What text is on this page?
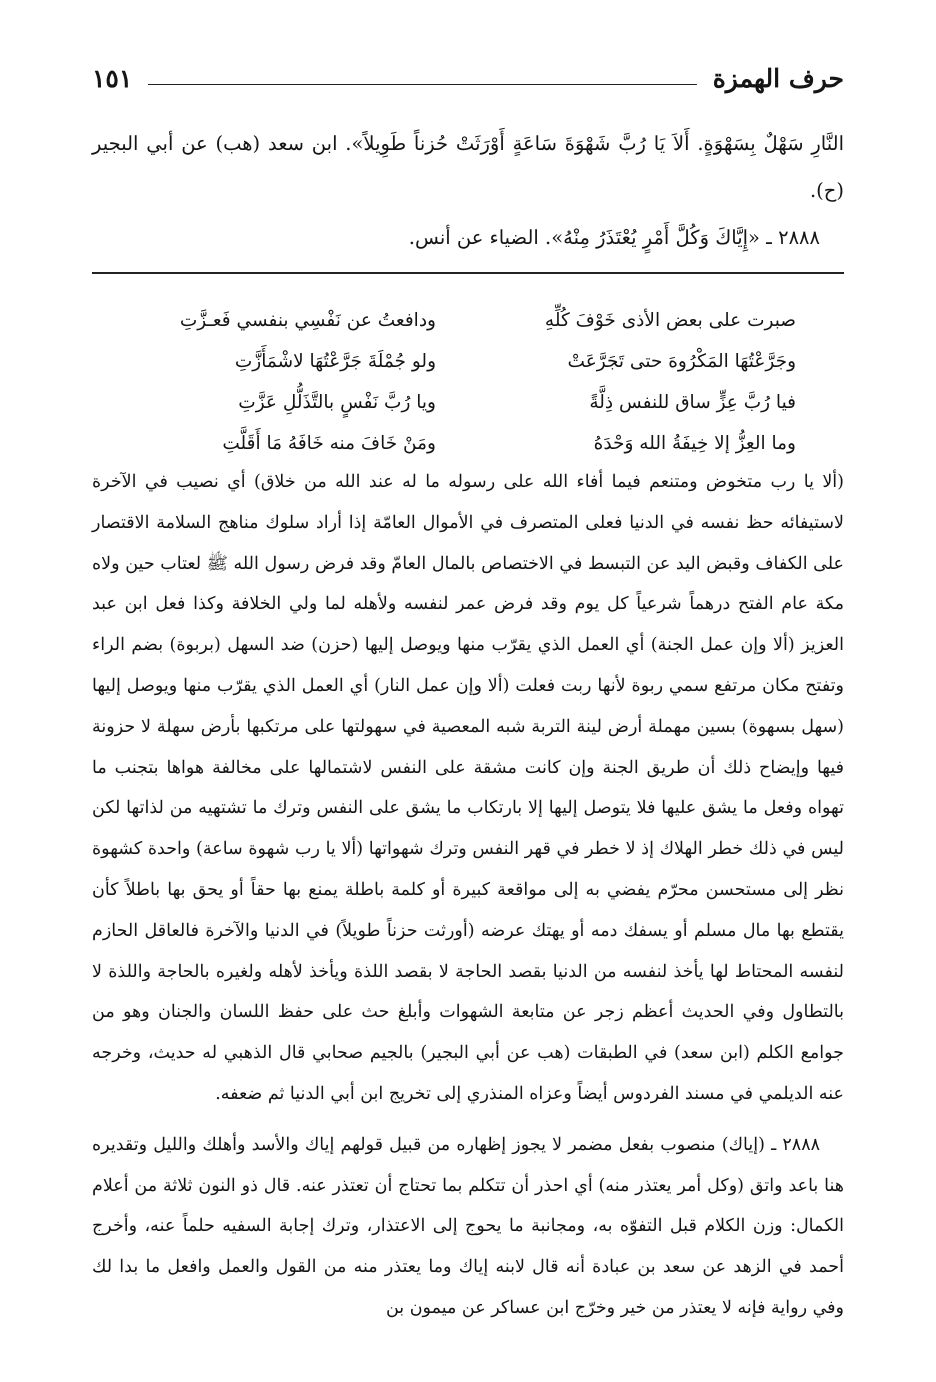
حرف الهمزة
١٥١

النَّارِ سَهْلٌ بِسَهْوَةٍ. أَلاَ يَا رُبَّ شَهْوَةَ سَاعَةٍ أَوْرَثَتْ حُزناً طَوِيلاً». ابن سعد (هب) عن أبي البجير (ح).

٢٨٨٨ ـ «إِيَّاكَ وَكُلَّ أَمْرٍ يُعْتَذَرُ مِنْهُ». الضياء عن أنس.

صبرت على بعض الأذى خَوْفَ كُلِّهِ
ودافعتُ عن نَفْسِي بنفسي فَعـزَّتِ
وجَرَّعْتُهَا المَكْرُوهَ حتى تَجَرَّعَتْ
ولو جُمْلَةَ جَرَّعْتُهَا لاشْمَأَزَّتِ
فيا رُبَّ عِزٍّ ساق للنفس ذِلَّةً
ويا رُبَّ نَفْسٍ بالتَّذَلُّلِ عَزَّتِ
وما العِزُّ إلا خِيفَةُ الله وَحْدَهُ
ومَنْ خَافَ منه خَافَهُ مَا أَقَلَّتِ

(ألا يا رب متخوض ومتنعم فيما أفاء الله على رسوله ما له عند الله من خلاق) أي نصيب في الآخرة لاستيفائه حظ نفسه في الدنيا فعلى المتصرف في الأموال العامّة إذا أراد سلوك مناهج السلامة الاقتصار على الكفاف وقبض اليد عن التبسط في الاختصاص بالمال العامّ وقد فرض رسول الله ﷺ لعتاب حين ولاه مكة عام الفتح درهماً شرعياً كل يوم وقد فرض عمر لنفسه ولأهله لما ولي الخلافة وكذا فعل ابن عبد العزيز (ألا وإن عمل الجنة) أي العمل الذي يقرّب منها ويوصل إليها (حزن) ضد السهل (بربوة) بضم الراء وتفتح مكان مرتفع سمي ربوة لأنها ربت فعلت (ألا وإن عمل النار) أي العمل الذي يقرّب منها ويوصل إليها (سهل بسهوة) بسين مهملة أرض لينة التربة شبه المعصية في سهولتها على مرتكبها بأرض سهلة لا حزونة فيها وإيضاح ذلك أن طريق الجنة وإن كانت مشقة على النفس لاشتمالها على مخالفة هواها بتجنب ما تهواه وفعل ما يشق عليها فلا يتوصل إليها إلا بارتكاب ما يشق على النفس وترك ما تشتهيه من لذاتها لكن ليس في ذلك خطر الهلاك إذ لا خطر في قهر النفس وترك شهواتها (ألا يا رب شهوة ساعة) واحدة كشهوة نظر إلى مستحسن محرّم يفضي به إلى مواقعة كبيرة أو كلمة باطلة يمنع بها حقاً أو يحق بها باطلاً كأن يقتطع بها مال مسلم أو يسفك دمه أو يهتك عرضه (أورثت حزناً طويلاً) في الدنيا والآخرة فالعاقل الحازم لنفسه المحتاط لها يأخذ لنفسه من الدنيا بقصد الحاجة لا بقصد اللذة ويأخذ لأهله ولغيره بالحاجة واللذة لا بالتطاول وفي الحديث أعظم زجر عن متابعة الشهوات وأبلغ حث على حفظ اللسان والجنان وهو من جوامع الكلم (ابن سعد) في الطبقات (هب عن أبي البجير) بالجيم صحابي قال الذهبي له حديث، وخرجه عنه الديلمي في مسند الفردوس أيضاً وعزاه المنذري إلى تخريج ابن أبي الدنيا ثم ضعفه.

٢٨٨٨ ـ (إياك) منصوب بفعل مضمر لا يجوز إظهاره من قبيل قولهم إياك والأسد وأهلك والليل وتقديره هنا باعد واتق (وكل أمر يعتذر منه) أي احذر أن تتكلم بما تحتاج أن تعتذر عنه. قال ذو النون ثلاثة من أعلام الكمال: وزن الكلام قبل التفوّه به، ومجانبة ما يحوج إلى الاعتذار، وترك إجابة السفيه حلماً عنه، وأخرج أحمد في الزهد عن سعد بن عبادة أنه قال لابنه إياك وما يعتذر منه من القول والعمل وافعل ما بدا لك وفي رواية فإنه لا يعتذر من خير وخرّج ابن عساكر عن ميمون بن
